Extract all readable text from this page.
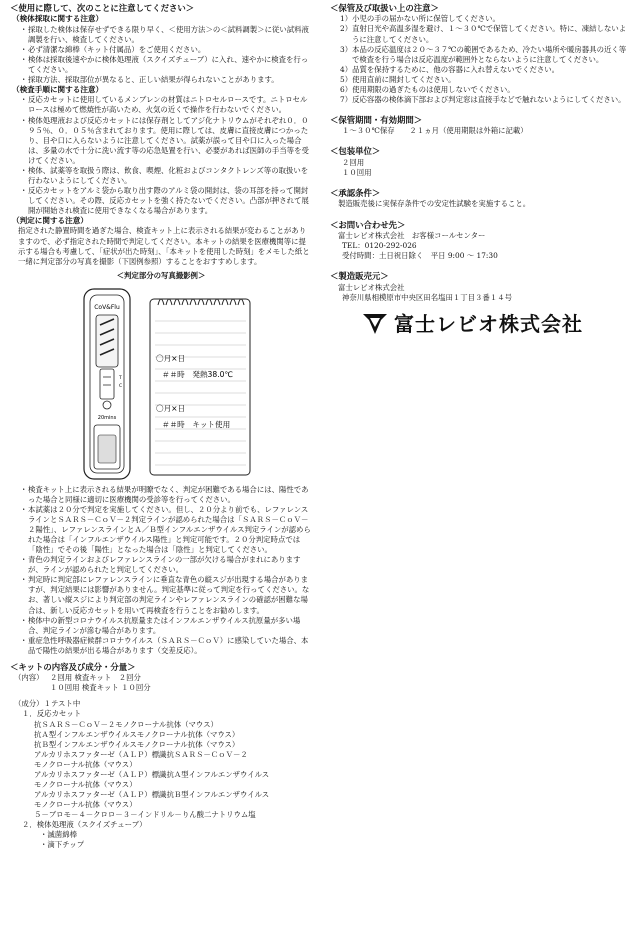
＜使用に際して、次のことに注意してください＞
（検体採取に関する注意）
・ 採取した検体は保存せずできる限り早く、＜使用方法＞の＜試料調製＞に従い試料液調製を行い、検査してください。
・ 必ず清潔な綿棒（キット付属品）をご使用ください。
・ 検体は採取後速やかに検体処理液（スクイズチューブ）に入れ、速やかに検査を行ってください。
・ 採取方法、採取部位が異なると、正しい結果が得られないことがあります。
（検査手順に関する注意）
・ 反応カセットに使用しているメンブレンの材質はニトロセルロースです。ニトロセルロースは極めて燃焼性が高いため、火気の近くで操作を行わないでください。
・ 検体処理液および反応カセットには保存剤としてアジ化ナトリウムがそれぞれ０．０９５％、０．０５％含まれております。使用に際しては、皮膚に直接皮膚につかったり、目や口に入らないように注意してください。試薬が誤って目や口に入った場合は、多量の水で十分に洗い流す等の応急処置を行い、必要があれば医師の手当等を受けてください。
・ 検体、試薬等を取扱う際は、飲食、喫煙、化粧およびコンタクトレンズ等の取扱いを行わないようにしてください。
・ 反応カセットをアルミ袋から取り出す際のアルミ袋の開封は、袋の耳部を持って開封してください。その際、反応カセットを強く持たないでください。凸部が押されて展開が開始され検査に使用できなくなる場合があります。
（判定に関する注意）
指定された静置時間を過ぎた場合、検査キット上に表示される結果が変わることがありますので、必ず指定された時間で判定してください。本キットの結果を医療機関等に提示する場合も考慮して、「症状が出た時刻」、「本キットを使用した時刻」をメモした紙と一緒に判定部分の写真を撮影（下図例参照）することをおすすめします。
＜判定部分の写真撮影例＞
CoV&Flu
T
C
20mins
〇月×日
＃＃時　発熱38.0℃
〇月×日
＃＃時　キット使用
・ 検査キット上に表示される結果が明瞭でなく、判定が困難である場合には、陽性であった場合と同様に適切に医療機関の受診等を行ってください。
・ 本試薬は２０分で判定を実施してください。但し、２０分より前でも、レファレンスラインとＳＡＲＳ－ＣｏＶ－２判定ラインが認められた場合は「ＳＡＲＳ－ＣｏＶ－２陽性」、レファレンスラインとＡ／Ｂ型インフルエンザウイルス判定ラインが認められた場合は「インフルエンザウイルス陽性」と判定可能です。２０分判定時点では「陰性」でその後「陽性」となった場合は「陰性」と判定してください。
・ 青色の判定ラインおよびレファレンスラインの一部が欠ける場合がまれにありますが、ラインが認められたと判定してください。
・ 判定時に判定部にレファレンスラインに垂直な青色の縦スジが出現する場合がありますが、判定結果には影響がありません。判定基準に従って判定を行ってください。なお、著しい縦スジにより判定部の判定ラインやレファレンスラインの確認が困難な場合は、新しい反応カセットを用いて再検査を行うことをお勧めします。
・ 検体中の新型コロナウイルス抗原量またはインフルエンザウイルス抗原量が多い場合、判定ラインが滲む場合があります。
・ 重症急性呼吸器症候群コロナウイルス（ＳＡＲＳ－ＣｏＶ）に感染していた場合、本品で陽性の結果が出る場合があります（交差反応）。
＜キットの内容及び成分・分量＞
（内容） ２回用 検査キット　２回分
１０回用 検査キット １０回分
（成分）１テスト中
１．反応カセット
抗ＳＡＲＳ－ＣｏＶ－２モノクローナル抗体（マウス）
抗Ａ型インフルエンザウイルスモノクローナル抗体（マウス）
抗Ｂ型インフルエンザウイルスモノクローナル抗体（マウス）
アルカリホスファターゼ（ＡＬＰ）標識抗ＳＡＲＳ－ＣｏＶ－２
モノクローナル抗体（マウス）
アルカリホスファターゼ（ＡＬＰ）標識抗Ａ型インフルエンザウイルス
モノクローナル抗体（マウス）
アルカリホスファターゼ（ＡＬＰ）標識抗Ｂ型インフルエンザウイルス
モノクローナル抗体（マウス）
５－ブロモ－４－クロロ－３－インドリル－りん酸二ナトリウム塩
２．検体処理液（スクイズチューブ）
・滅菌綿棒
・滴下チップ
＜保管及び取扱い上の注意＞
1）小児の手の届かない所に保管してください。
2）直射日光や高温多湿を避け、１～３０℃で保管してください。特に、凍結しないように注意してください。
3）本品の反応温度は２０～３７℃の範囲であるため、冷たい場所や暖房器具の近く等で検査を行う場合は反応温度が範囲外とならないように注意してください。
4）品質を保持するために、他の容器に入れ替えないでください。
5）使用直前に開封してください。
6）使用期限の過ぎたものは使用しないでください。
7）反応容器の検体滴下部および判定窓は直接手などで触れないようにしてください。
＜保管期間・有効期間＞
１～３０℃保存　　２１ヵ月（使用期限は外箱に記載）
＜包装単位＞
２回用
１０回用
＜承認条件＞
製造販売後に実保存条件での安定性試験を実施すること。
＜お問い合わせ先＞
富士レビオ株式会社　お客様コールセンター
TEL：0120-292-026
受付時間：土日祝日除く　平日 9:00 ～ 17:30
＜製造販売元＞
富士レビオ株式会社
神奈川県相模原市中央区田名塩田１丁目３番１４号
富士レビオ株式会社
